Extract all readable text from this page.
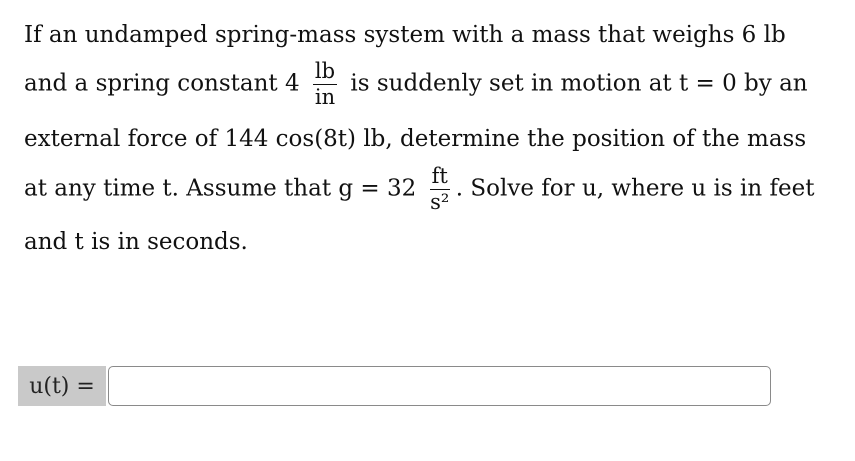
If an undamped spring-mass system with a mass that weighs 6 lb
and a spring constant $4 \frac{lb}{in}$ is suddenly set in motion at t = 0 by an
external force of 144 cos(8t) lb, determine the position of the mass
at any time t. Assume that $g = 32 \frac{ft}{\text{s²}}$ . Solve for u, where u is in feet
and t is in seconds.
u(t) =
